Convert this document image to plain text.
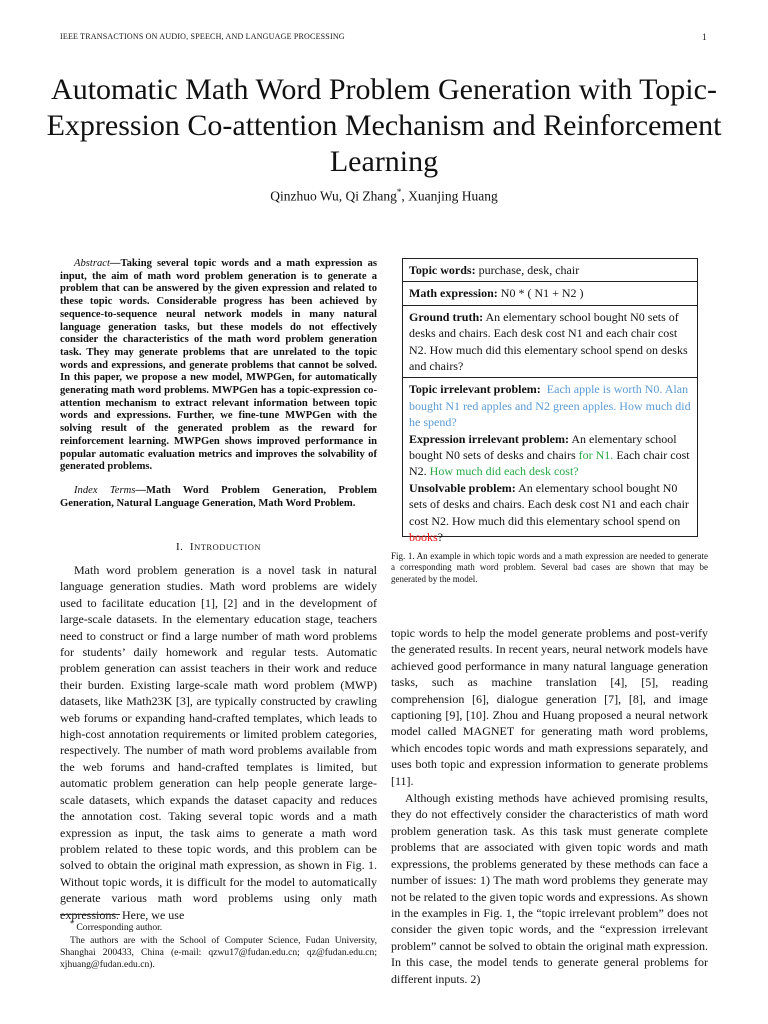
IEEE TRANSACTIONS ON AUDIO, SPEECH, AND LANGUAGE PROCESSING	1
Automatic Math Word Problem Generation with Topic-Expression Co-attention Mechanism and Reinforcement Learning
Qinzhuo Wu, Qi Zhang*, Xuanjing Huang
Abstract—Taking several topic words and a math expression as input, the aim of math word problem generation is to generate a problem that can be answered by the given expression and related to these topic words. Considerable progress has been achieved by sequence-to-sequence neural network models in many natural language generation tasks, but these models do not effectively consider the characteristics of the math word problem generation task. They may generate problems that are unrelated to the topic words and expressions, and generate problems that cannot be solved. In this paper, we propose a new model, MWPGen, for automatically generating math word problems. MWPGen has a topic-expression co-attention mechanism to extract relevant information between topic words and expressions. Further, we fine-tune MWPGen with the solving result of the generated problem as the reward for reinforcement learning. MWPGen shows improved performance in popular automatic evaluation metrics and improves the solvability of generated problems.
Index Terms—Math Word Problem Generation, Problem Generation, Natural Language Generation, Math Word Problem.
I. INTRODUCTION
Math word problem generation is a novel task in natural language generation studies. Math word problems are widely used to facilitate education [1], [2] and in the development of large-scale datasets. In the elementary education stage, teachers need to construct or find a large number of math word problems for students’ daily homework and regular tests. Automatic problem generation can assist teachers in their work and reduce their burden. Existing large-scale math word problem (MWP) datasets, like Math23K [3], are typically constructed by crawling web forums or expanding hand-crafted templates, which leads to high-cost annotation requirements or limited problem categories, respectively. The number of math word problems available from the web forums and hand-crafted templates is limited, but automatic problem generation can help people generate large-scale datasets, which expands the dataset capacity and reduces the annotation cost. Taking several topic words and a math expression as input, the task aims to generate a math word problem related to these topic words, and this problem can be solved to obtain the original math expression, as shown in Fig. 1. Without topic words, it is difficult for the model to automatically generate various math word problems using only math expressions. Here, we use

* Corresponding author.

The authors are with the School of Computer Science, Fudan University, Shanghai 200433, China (e-mail: qzwu17@fudan.edu.cn; qz@fudan.edu.cn; xjhuang@fudan.edu.cn).

Topic words: purchase, desk, chair
Math expression: N0 * ( N1 + N2 )
Ground truth: An elementary school bought N0 sets of desks and chairs. Each desk cost N1 and each chair cost N2. How much did this elementary school spend on desks and chairs?
Topic irrelevant problem:  Each apple is worth N0. Alan bought N1 red apples and N2 green apples. How much did he spend?
Expression irrelevant problem: An elementary school bought N0 sets of desks and chairs for N1. Each chair cost N2. How much did each desk cost?
Unsolvable problem: An elementary school bought N0 sets of desks and chairs. Each desk cost N1 and each chair cost N2. How much did this elementary school spend on books?
Fig. 1. An example in which topic words and a math expression are needed to generate a corresponding math word problem. Several bad cases are shown that may be generated by the model.

topic words to help the model generate problems and post-verify the generated results. In recent years, neural network models have achieved good performance in many natural language generation tasks, such as machine translation [4], [5], reading comprehension [6], dialogue generation [7], [8], and image captioning [9], [10]. Zhou and Huang proposed a neural network model called MAGNET for generating math word problems, which encodes topic words and math expressions separately, and uses both topic and expression information to generate problems [11].

Although existing methods have achieved promising results, they do not effectively consider the characteristics of math word problem generation task. As this task must generate complete problems that are associated with given topic words and math expressions, the problems generated by these methods can face a number of issues: 1) The math word problems they generate may not be related to the given topic words and expressions. As shown in the examples in Fig. 1, the “topic irrelevant problem” does not consider the given topic words, and the “expression irrelevant problem” cannot be solved to obtain the original math expression. In this case, the model tends to generate general problems for different inputs. 2)
